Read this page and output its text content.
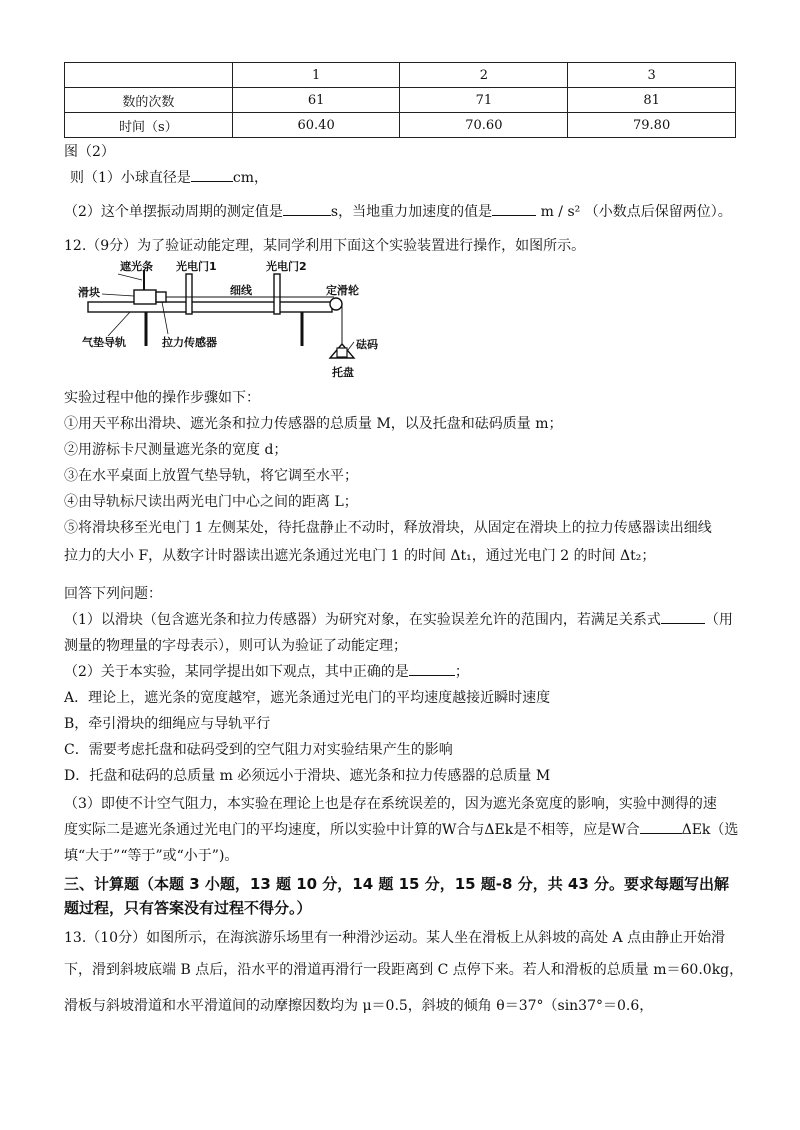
	1	2	3
数的次数	61	71	81
时间（s）	60.40	70.60	79.80
图（2）
则（1）小球直径是	cm，
（2）这个单摆振动周期的测定值是	s，当地重力加速度的值是	m / s² （小数点后保留两位）。
12.（9分）为了验证动能定理，某同学利用下面这个实验装置进行操作，如图所示。
遮光条 光电门1	光电门2
滑块	细线	定滑轮
气垫导轨	拉力传感器	砝码
托盘
实验过程中他的操作步骤如下：
①用天平称出滑块、遮光条和拉力传感器的总质量 M，以及托盘和砝码质量 m；
②用游标卡尺测量遮光条的宽度 d；
③在水平桌面上放置气垫导轨，将它调至水平；
④由导轨标尺读出两光电门中心之间的距离 L；
⑤将滑块移至光电门 1 左侧某处，待托盘静止不动时，释放滑块，从固定在滑块上的拉力传感器读出细线
拉力的大小 F，从数字计时器读出遮光条通过光电门 1 的时间 Δt₁，通过光电门 2 的时间 Δt₂；
回答下列问题：
（1）以滑块（包含遮光条和拉力传感器）为研究对象，在实验误差允许的范围内，若满足关系式	（用
测量的物理量的字母表示），则可认为验证了动能定理；
（2）关于本实验，某同学提出如下观点，其中正确的是	；
A．理论上，遮光条的宽度越窄，遮光条通过光电门的平均速度越接近瞬时速度
B，牵引滑块的细绳应与导轨平行
C．需要考虑托盘和砝码受到的空气阻力对实验结果产生的影响
D．托盘和砝码的总质量 m 必须远小于滑块、遮光条和拉力传感器的总质量 M
（3）即使不计空气阻力，本实验在理论上也是存在系统误差的，因为遮光条宽度的影响，实验中测得的速
度实际二是遮光条通过光电门的平均速度，所以实验中计算的W合与ΔEk是不相等，应是W合	ΔEk（选
填“大于”“等于”或“小于”)。
三、计算题（本题 3 小题，13 题 10 分，14 题 15 分，15 题-8 分，共 43 分。要求每题写出解
题过程，只有答案没有过程不得分。）
13.（10分）如图所示，在海滨游乐场里有一种滑沙运动。某人坐在滑板上从斜坡的高处 A 点由静止开始滑
下，滑到斜坡底端 B 点后，沿水平的滑道再滑行一段距离到 C 点停下来。若人和滑板的总质量 m＝60.0kg，
滑板与斜坡滑道和水平滑道间的动摩擦因数均为 μ＝0.5，斜坡的倾角 θ＝37°（sin37°＝0.6，
